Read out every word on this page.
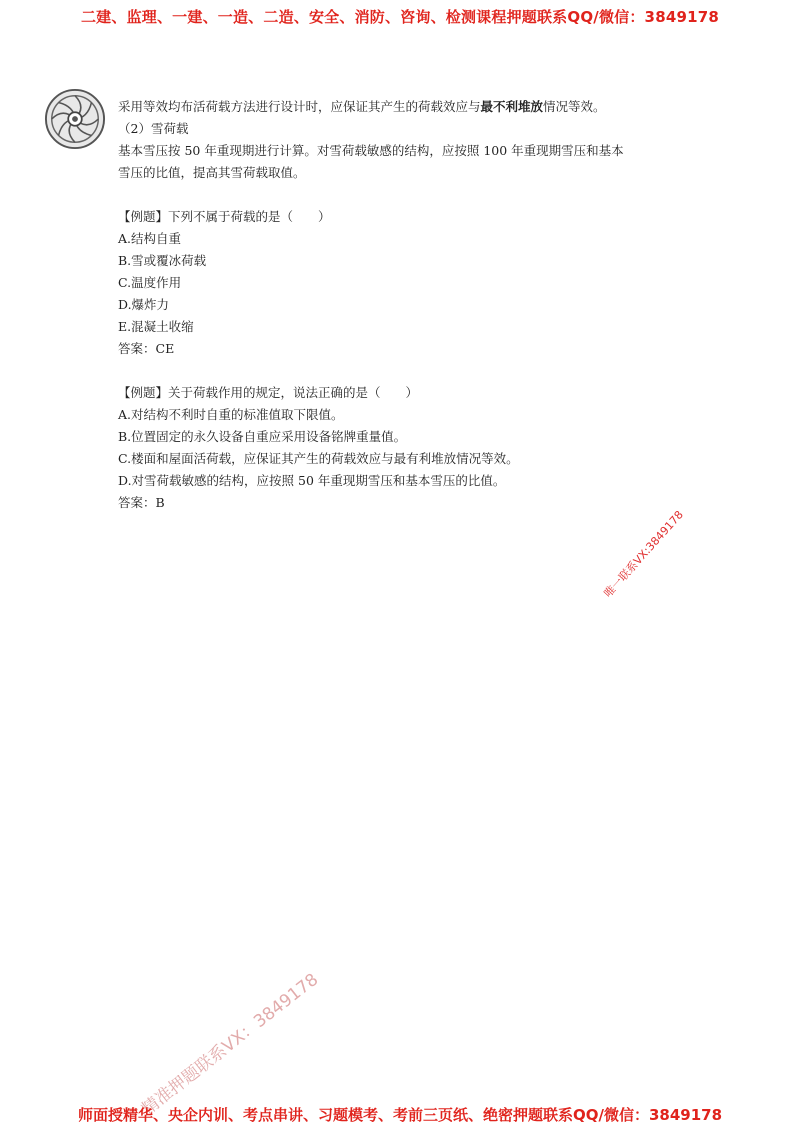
二建、监理、一建、一造、二造、安全、消防、咨询、检测课程押题联系QQ/微信：3849178
采用等效均布活荷载方法进行设计时，应保证其产生的荷载效应与最不利堆放情况等效。
（2）雪荷载
基本雪压按 50 年重现期进行计算。对雪荷载敏感的结构，应按照 100 年重现期雪压和基本
雪压的比值，提高其雪荷载取值。
【例题】下列不属于荷载的是（　　）
A.结构自重
B.雪或覆冰荷载
C.温度作用
D.爆炸力
E.混凝土收缩
答案：CE
【例题】关于荷载作用的规定，说法正确的是（　　）
A.对结构不利时自重的标准值取下限值。
B.位置固定的永久设备自重应采用设备铭牌重量值。
C.楼面和屋面活荷载，应保证其产生的荷载效应与最有利堆放情况等效。
D.对雪荷载敏感的结构，应按照 50 年重现期雪压和基本雪压的比值。
答案：B
唯一联系VX:3849178
精准押题联系VX：3849178
师面授精华、央企内训、考点串讲、习题模考、考前三页纸、绝密押题联系QQ/微信：3849178
